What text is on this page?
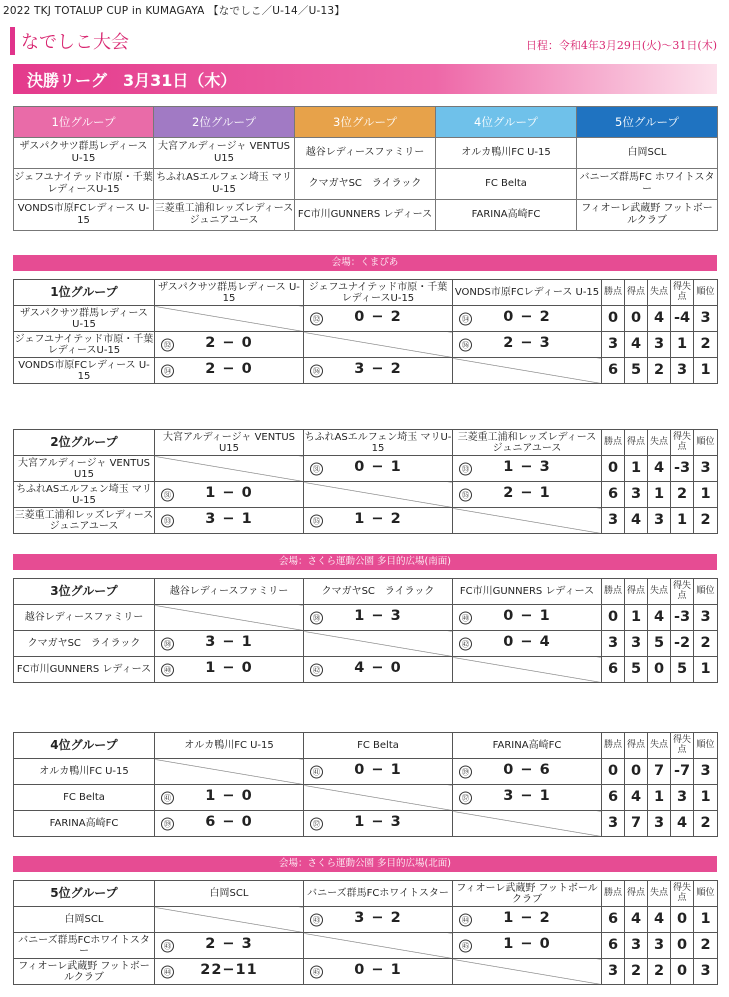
2022 TKJ TOTALUP CUP in KUMAGAYA 【なでしこ／U-14／U-13】
なでしこ大会	日程：令和4年3月29日(火)〜31日(木)
決勝リーグ　3月31日（木）
1位グループ	2位グループ	3位グループ	4位グループ	5位グループ
ザスパクサツ群馬レディース U-15	大宮アルディージャ VENTUS U15	越谷レディースファミリー	オルカ鴨川FC U-15	白岡SCL
ジェフユナイテッド市原・千葉レディースU-15	ちふれASエルフェン埼玉 マリU-15	クマガヤSC　ライラック	FC Belta	バニーズ群馬FC ホワイトスター
VONDS市原FCレディース U-15	三菱重工浦和レッズレディース ジュニアユース	FC市川GUNNERS レディース	FARINA高崎FC	フィオーレ武蔵野 フットボールクラブ
会場：くまぴあ
1位グループ	ザスパクサツ群馬レディース U-15	ジェフユナイテッド市原・千葉レディースU-15	VONDS市原FCレディース U-15	勝点	得点	失点	得失点	順位
ザスパクサツ群馬レディース U-15		㉜ 0 − 2	㉞ 0 − 2	0	0	4	-4	3
ジェフユナイテッド市原・千葉レディースU-15	㉜ 2 − 0		㊱ 2 − 3	3	4	3	1	2
VONDS市原FCレディース U-15	㉞ 2 − 0	㊱ 3 − 2		6	5	2	3	1
2位グループ	大宮アルディージャ VENTUS U15	ちふれASエルフェン埼玉 マリU-15	三菱重工浦和レッズレディース ジュニアユース	勝点	得点	失点	得失点	順位
大宮アルディージャ VENTUS U15		㉛ 0 − 1	㉝ 1 − 3	0	1	4	-3	3
ちふれASエルフェン埼玉 マリU-15	㉛ 1 − 0		㉟ 2 − 1	6	3	1	2	1
三菱重工浦和レッズレディース ジュニアユース	㉝ 3 − 1	㉟ 1 − 2		3	4	3	1	2
会場：さくら運動公園 多目的広場(南面)
3位グループ	越谷レディースファミリー	クマガヤSC　ライラック	FC市川GUNNERS レディース	勝点	得点	失点	得失点	順位
越谷レディースファミリー		㊳ 1 − 3	㊵ 0 − 1	0	1	4	-3	3
クマガヤSC　ライラック	㊳ 3 − 1		㊷ 0 − 4	3	3	5	-2	2
FC市川GUNNERS レディース	㊵ 1 − 0	㊷ 4 − 0		6	5	0	5	1
4位グループ	オルカ鴨川FC U-15	FC Belta	FARINA高崎FC	勝点	得点	失点	得失点	順位
オルカ鴨川FC U-15		㊶ 0 − 1	㊴ 0 − 6	0	0	7	-7	3
FC Belta	㊶ 1 − 0		㊲ 3 − 1	6	4	1	3	1
FARINA高崎FC	㊴ 6 − 0	㊲ 1 − 3		3	7	3	4	2
会場：さくら運動公園 多目的広場(北面)
5位グループ	白岡SCL	バニーズ群馬FCホワイトスター	フィオーレ武蔵野 フットボールクラブ	勝点	得点	失点	得失点	順位
白岡SCL		㊸ 3 − 2	㊹ 1 − 2	6	4	4	0	1
バニーズ群馬FCホワイトスター	㊸ 2 − 3		㊺ 1 − 0	6	3	3	0	2
フィオーレ武蔵野 フットボールクラブ	㊹ 22−11	㊺ 0 − 1		3	2	2	0	3
